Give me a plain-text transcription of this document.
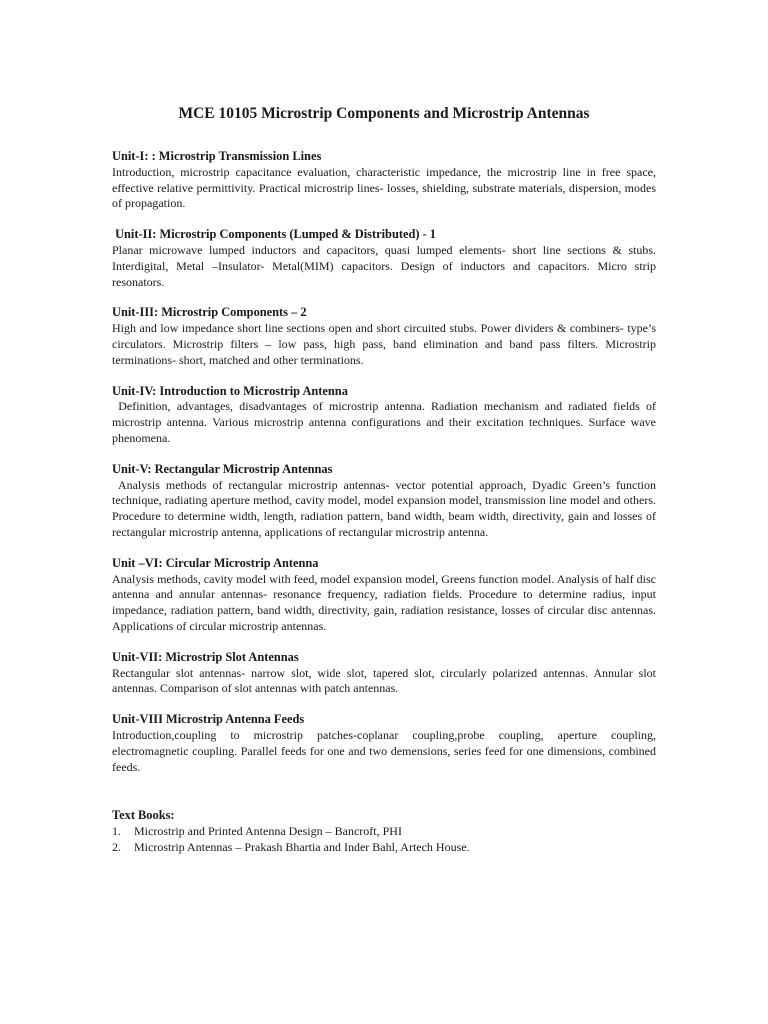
MCE 10105 Microstrip Components and Microstrip Antennas

Unit-I: : Microstrip Transmission Lines

Introduction, microstrip capacitance evaluation, characteristic impedance, the microstrip line in free space, effective relative permittivity. Practical microstrip lines- losses, shielding, substrate materials, dispersion, modes of propagation.

Unit-II: Microstrip Components (Lumped & Distributed) - 1

Planar microwave lumped inductors and capacitors, quasi lumped elements- short line sections & stubs. Interdigital, Metal –Insulator- Metal(MIM) capacitors. Design of inductors and capacitors. Micro strip resonators.

Unit-III: Microstrip Components – 2

High and low impedance short line sections open and short circuited stubs. Power dividers & combiners- type’s circulators. Microstrip filters – low pass, high pass, band elimination and band pass filters. Microstrip terminations- short, matched and other terminations.

Unit-IV: Introduction to Microstrip Antenna

Definition, advantages, disadvantages of microstrip antenna. Radiation mechanism and radiated fields of microstrip antenna. Various microstrip antenna configurations and their excitation techniques. Surface wave phenomena.

Unit-V: Rectangular Microstrip Antennas

Analysis methods of rectangular microstrip antennas- vector potential approach, Dyadic Green’s function technique, radiating aperture method, cavity model, model expansion model, transmission line model and others. Procedure to determine width, length, radiation pattern, band width, beam width, directivity, gain and losses of rectangular microstrip antenna, applications of rectangular microstrip antenna.

Unit –VI: Circular Microstrip Antenna

Analysis methods, cavity model with feed, model expansion model, Greens function model. Analysis of half disc antenna and annular antennas- resonance frequency, radiation fields. Procedure to determine radius, input impedance, radiation pattern, band width, directivity, gain, radiation resistance, losses of circular disc antennas. Applications of circular microstrip antennas.

Unit-VII: Microstrip Slot Antennas

Rectangular slot antennas- narrow slot, wide slot, tapered slot, circularly polarized antennas. Annular slot antennas. Comparison of slot antennas with patch antennas.

Unit-VIII Microstrip Antenna Feeds

Introduction,coupling to microstrip patches-coplanar coupling,probe coupling, aperture coupling, electromagnetic coupling. Parallel feeds for one and two demensions, series feed for one dimensions, combined feeds.

Text Books:

1.	Microstrip and Printed Antenna Design – Bancroft, PHI
2.	Microstrip Antennas – Prakash Bhartia and Inder Bahl, Artech House.
